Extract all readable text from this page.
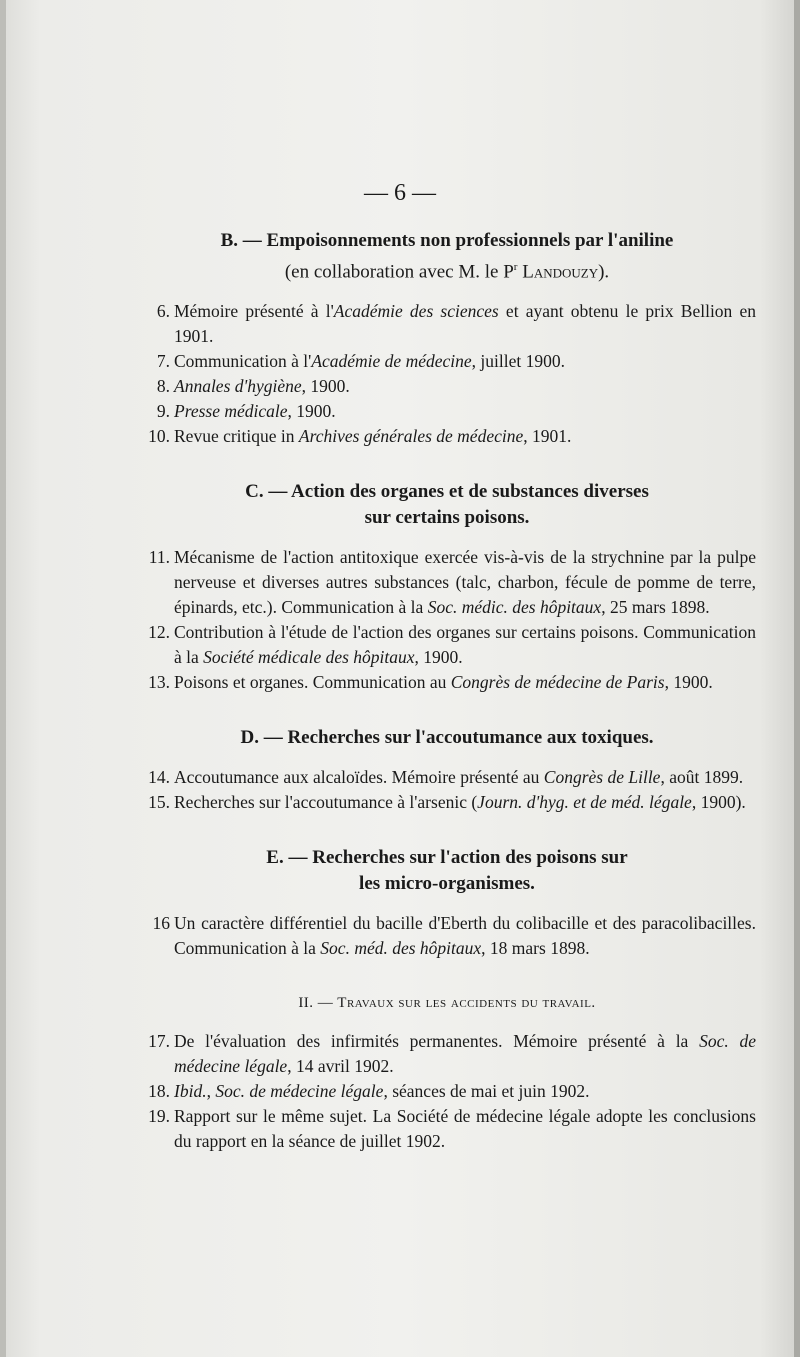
— 6 —
B. — Empoisonnements non professionnels par l'aniline
(en collaboration avec M. le $P^r$ Landouzy).
6. Mémoire présenté à l'Académie des sciences et ayant obtenu le prix Bellion en 1901.
7. Communication à l'Académie de médecine, juillet 1900.
8. Annales d'hygiène, 1900.
9. Presse médicale, 1900.
10. Revue critique in Archives générales de médecine, 1901.
C. — Action des organes et de substances diverses
sur certains poisons.
11. Mécanisme de l'action antitoxique exercée vis-à-vis de la strychnine par la pulpe nerveuse et diverses autres substances (talc, charbon, fécule de pomme de terre, épinards, etc.). Communication à la Soc. médic. des hôpitaux, 25 mars 1898.
12. Contribution à l'étude de l'action des organes sur certains poisons. Communication à la Société médicale des hôpitaux, 1900.
13. Poisons et organes. Communication au Congrès de médecine de Paris, 1900.
D. — Recherches sur l'accoutumance aux toxiques.
14. Accoutumance aux alcaloïdes. Mémoire présenté au Congrès de Lille, août 1899.
15. Recherches sur l'accoutumance à l'arsenic (Journ. d'hyg. et de méd. légale, 1900).
E. — Recherches sur l'action des poisons sur
les micro-organismes.
16 Un caractère différentiel du bacille d'Eberth du colibacille et des paracolibacilles. Communication à la Soc. méd. des hôpitaux, 18 mars 1898.
II. — Travaux sur les accidents du travail.
17. De l'évaluation des infirmités permanentes. Mémoire présenté à la Soc. de médecine légale, 14 avril 1902.
18. Ibid., Soc. de médecine légale, séances de mai et juin 1902.
19. Rapport sur le même sujet. La Société de médecine légale adopte les conclusions du rapport en la séance de juillet 1902.
